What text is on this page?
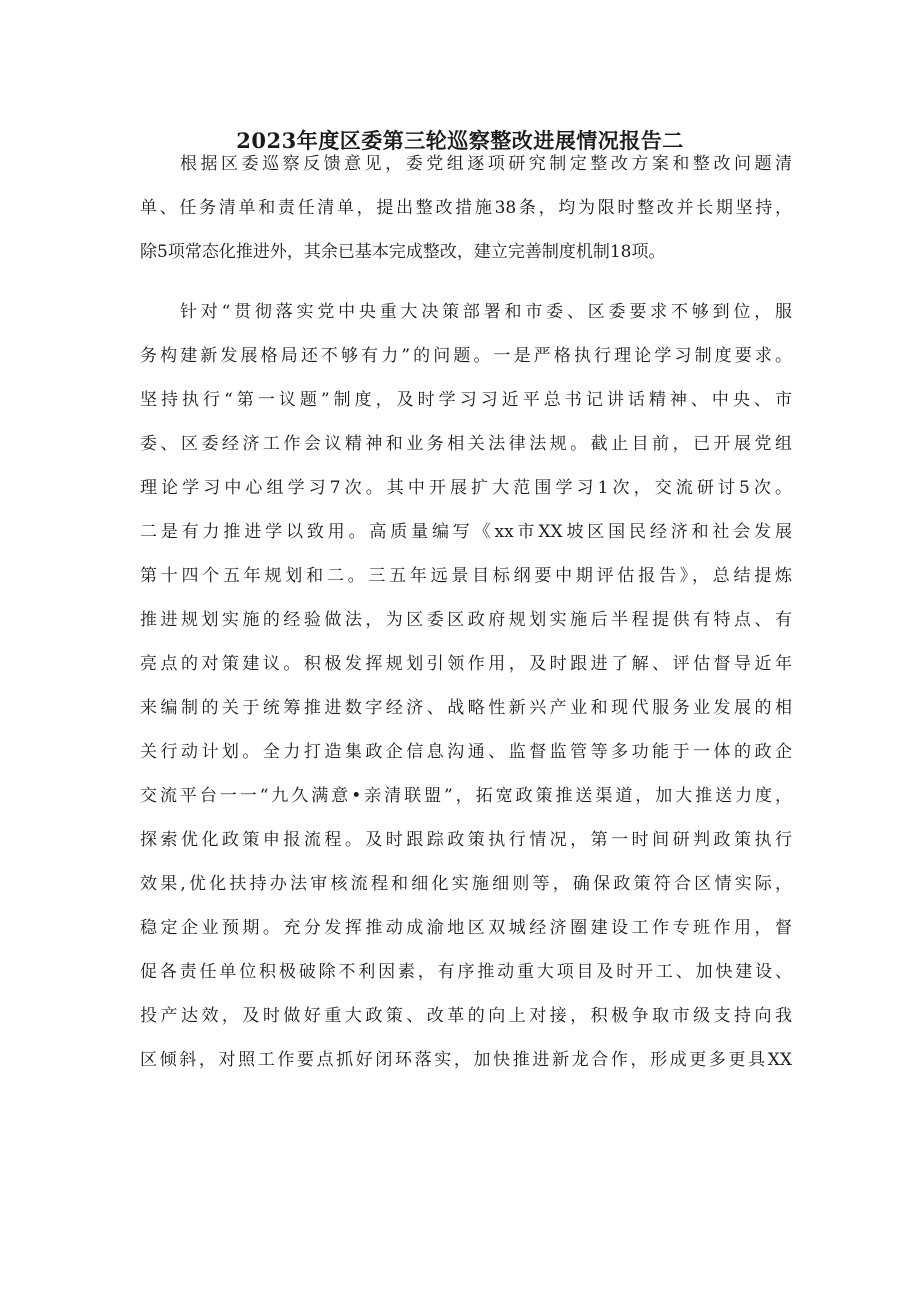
2023年度区委第三轮巡察整改进展情况报告二
根据区委巡察反馈意见，委党组逐项研究制定整改方案和整改问题清
单、任务清单和责任清单，提出整改措施38条，均为限时整改并长期坚持，
除5项常态化推进外，其余已基本完成整改，建立完善制度机制18项。
针对“贯彻落实党中央重大决策部署和市委、区委要求不够到位，服
务构建新发展格局还不够有力”的问题。一是严格执行理论学习制度要求。
坚持执行“第一议题”制度，及时学习习近平总书记讲话精神、中央、市
委、区委经济工作会议精神和业务相关法律法规。截止目前，已开展党组
理论学习中心组学习7次。其中开展扩大范围学习1次，交流研讨5次。
二是有力推进学以致用。高质量编写《xx市XX坡区国民经济和社会发展
第十四个五年规划和二。三五年远景目标纲要中期评估报告》，总结提炼
推进规划实施的经验做法，为区委区政府规划实施后半程提供有特点、有
亮点的对策建议。积极发挥规划引领作用，及时跟进了解、评估督导近年
来编制的关于统筹推进数字经济、战略性新兴产业和现代服务业发展的相
关行动计划。全力打造集政企信息沟通、监督监管等多功能于一体的政企
交流平台一一“九久满意•亲清联盟”，拓宽政策推送渠道，加大推送力度，
探索优化政策申报流程。及时跟踪政策执行情况，第一时间研判政策执行
效果,优化扶持办法审核流程和细化实施细则等，确保政策符合区情实际，
稳定企业预期。充分发挥推动成渝地区双城经济圈建设工作专班作用，督
促各责任单位积极破除不利因素，有序推动重大项目及时开工、加快建设、
投产达效，及时做好重大政策、改革的向上对接，积极争取市级支持向我
区倾斜，对照工作要点抓好闭环落实，加快推进新龙合作，形成更多更具XX
